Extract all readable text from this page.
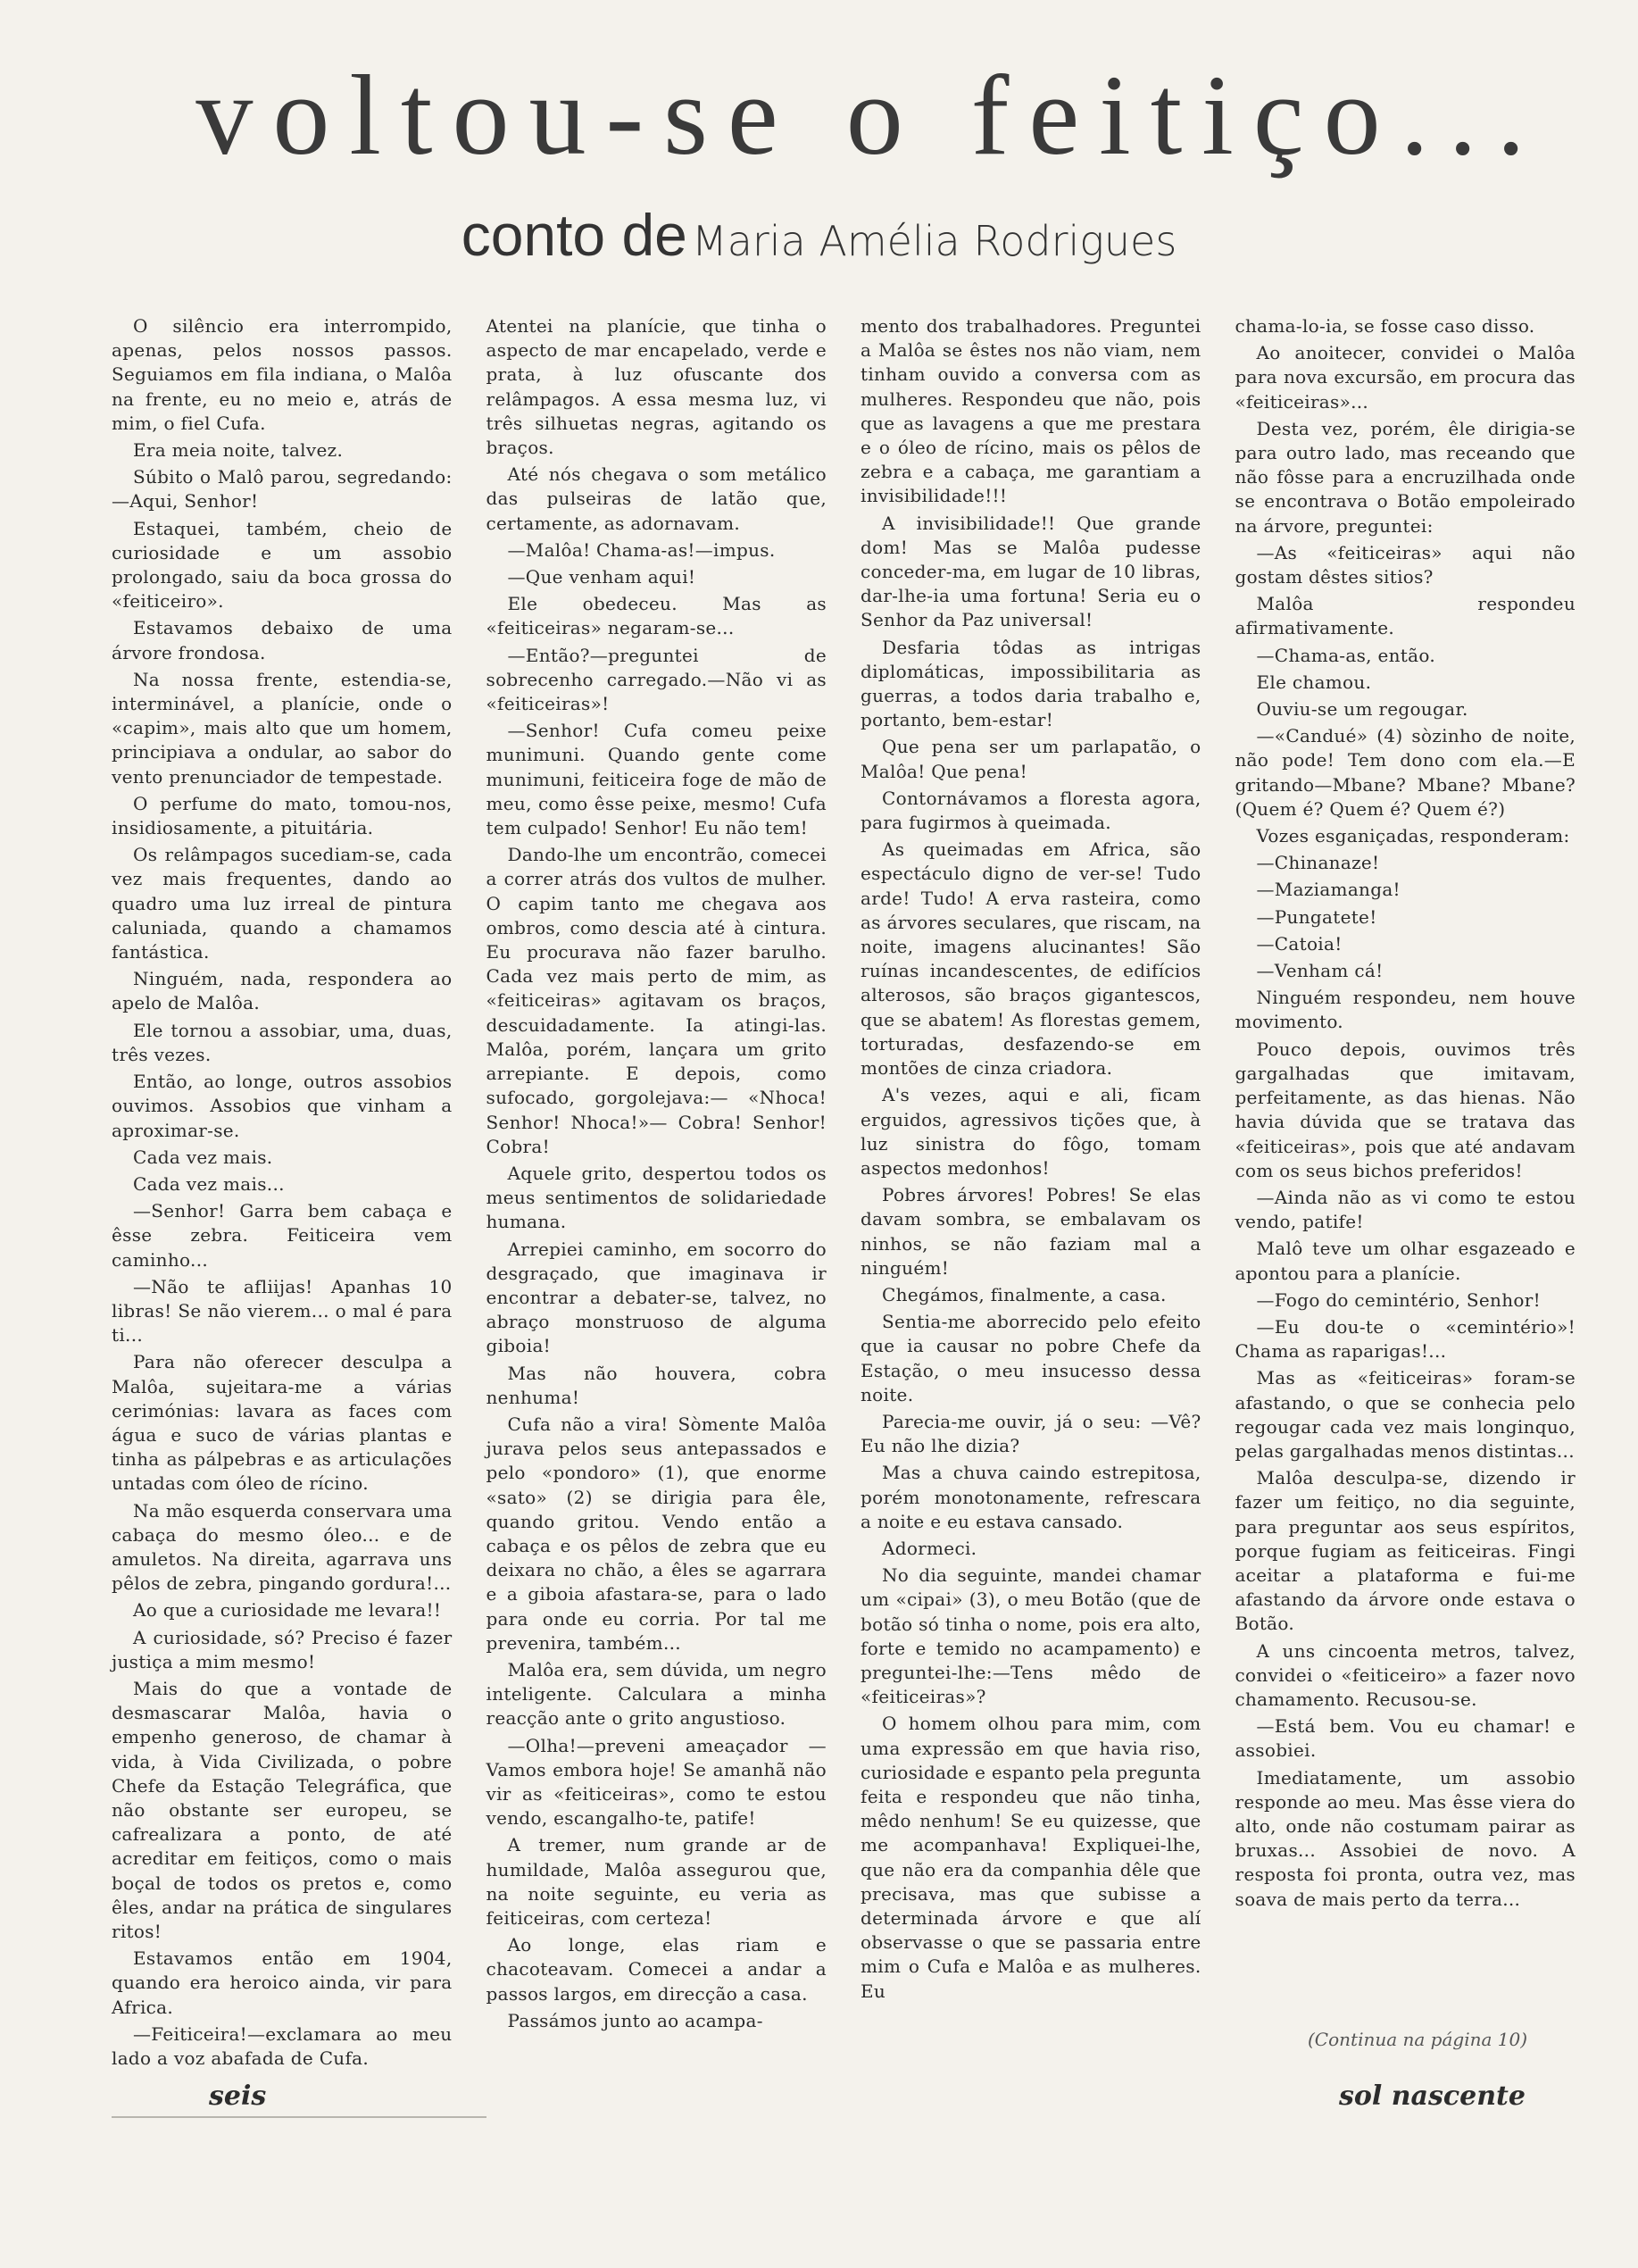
voltou-se o feitiço...
conto de Maria Amélia Rodrigues

O silêncio era interrompido, apenas, pelos nossos passos. Seguiamos em fila indiana, o Malôa na frente, eu no meio e, atrás de mim, o fiel Cufa.

Era meia noite, talvez.

Súbito o Malô parou, segredando:—Aqui, Senhor!

Estaquei, também, cheio de curiosidade e um assobio prolongado, saiu da boca grossa do «feiticeiro».

Estavamos debaixo de uma árvore frondosa.

Na nossa frente, estendia-se, interminável, a planície, onde o «capim», mais alto que um homem, principiava a ondular, ao sabor do vento prenunciador de tempestade.

O perfume do mato, tomou-nos, insidiosamente, a pituitária.

Os relâmpagos sucediam-se, cada vez mais frequentes, dando ao quadro uma luz irreal de pintura caluniada, quando a chamamos fantástica.

Ninguém, nada, respondera ao apelo de Malôa.

Ele tornou a assobiar, uma, duas, três vezes.

Então, ao longe, outros assobios ouvimos. Assobios que vinham a aproximar-se.

Cada vez mais.

Cada vez mais...

—Senhor! Garra bem cabaça e êsse zebra. Feiticeira vem caminho...

—Não te afliijas! Apanhas 10 libras! Se não vierem... o mal é para ti...

Para não oferecer desculpa a Malôa, sujeitara-me a várias cerimónias: lavara as faces com água e suco de várias plantas e tinha as pálpebras e as articulações untadas com óleo de rícino.

Na mão esquerda conservara uma cabaça do mesmo óleo... e de amuletos. Na direita, agarrava uns pêlos de zebra, pingando gordura!...

Ao que a curiosidade me levara!!

A curiosidade, só? Preciso é fazer justiça a mim mesmo!

Mais do que a vontade de desmascarar Malôa, havia o empenho generoso, de chamar à vida, à Vida Civilizada, o pobre Chefe da Estação Telegráfica, que não obstante ser europeu, se cafrealizara a ponto, de até acreditar em feitiços, como o mais boçal de todos os pretos e, como êles, andar na prática de singulares ritos!

Estavamos então em 1904, quando era heroico ainda, vir para Africa.

—Feiticeira!—exclamara ao meu lado a voz abafada de Cufa.

Atentei na planície, que tinha o aspecto de mar encapelado, verde e prata, à luz ofuscante dos relâmpagos. A essa mesma luz, vi três silhuetas negras, agitando os braços.

Até nós chegava o som metálico das pulseiras de latão que, certamente, as adornavam.

—Malôa! Chama-as!—impus.

—Que venham aqui!

Ele obedeceu. Mas as «feiticeiras» negaram-se...

—Então?—preguntei de sobrecenho carregado.—Não vi as «feiticeiras»!

—Senhor! Cufa comeu peixe munimuni. Quando gente come munimuni, feiticeira foge de mão de meu, como êsse peixe, mesmo! Cufa tem culpado! Senhor! Eu não tem!

Dando-lhe um encontrão, comecei a correr atrás dos vultos de mulher. O capim tanto me chegava aos ombros, como descia até à cintura. Eu procurava não fazer barulho. Cada vez mais perto de mim, as «feiticeiras» agitavam os braços, descuidadamente. Ia atingi-las. Malôa, porém, lançara um grito arrepiante. E depois, como sufocado, gorgolejava:— «Nhoca! Senhor! Nhoca!»— Cobra! Senhor! Cobra!

Aquele grito, despertou todos os meus sentimentos de solidariedade humana.

Arrepiei caminho, em socorro do desgraçado, que imaginava ir encontrar a debater-se, talvez, no abraço monstruoso de alguma giboia!

Mas não houvera, cobra nenhuma!

Cufa não a vira! Sòmente Malôa jurava pelos seus antepassados e pelo «pondoro» (1), que enorme «sato» (2) se dirigia para êle, quando gritou. Vendo então a cabaça e os pêlos de zebra que eu deixara no chão, a êles se agarrara e a giboia afastara-se, para o lado para onde eu corria. Por tal me prevenira, também...

Malôa era, sem dúvida, um negro inteligente. Calculara a minha reacção ante o grito angustioso.

—Olha!—preveni ameaçador —Vamos embora hoje! Se amanhã não vir as «feiticeiras», como te estou vendo, escangalho-te, patife!

A tremer, num grande ar de humildade, Malôa assegurou que, na noite seguinte, eu veria as feiticeiras, com certeza!

Ao longe, elas riam e chacoteavam. Comecei a andar a passos largos, em direcção a casa.

Passámos junto ao acampa-

mento dos trabalhadores. Preguntei a Malôa se êstes nos não viam, nem tinham ouvido a conversa com as mulheres. Respondeu que não, pois que as lavagens a que me prestara e o óleo de rícino, mais os pêlos de zebra e a cabaça, me garantiam a invisibilidade!!!

A invisibilidade!! Que grande dom! Mas se Malôa pudesse conceder-ma, em lugar de 10 libras, dar-lhe-ia uma fortuna! Seria eu o Senhor da Paz universal!

Desfaria tôdas as intrigas diplomáticas, impossibilitaria as guerras, a todos daria trabalho e, portanto, bem-estar!

Que pena ser um parlapatão, o Malôa! Que pena!

Contornávamos a floresta agora, para fugirmos à queimada.

As queimadas em Africa, são espectáculo digno de ver-se! Tudo arde! Tudo! A erva rasteira, como as árvores seculares, que riscam, na noite, imagens alucinantes! São ruínas incandescentes, de edifícios alterosos, são braços gigantescos, que se abatem! As florestas gemem, torturadas, desfazendo-se em montões de cinza criadora.

A's vezes, aqui e ali, ficam erguidos, agressivos tições que, à luz sinistra do fôgo, tomam aspectos medonhos!

Pobres árvores! Pobres! Se elas davam sombra, se embalavam os ninhos, se não faziam mal a ninguém!

Chegámos, finalmente, a casa.

Sentia-me aborrecido pelo efeito que ia causar no pobre Chefe da Estação, o meu insucesso dessa noite.

Parecia-me ouvir, já o seu: —Vê? Eu não lhe dizia?

Mas a chuva caindo estrepitosa, porém monotonamente, refrescara a noite e eu estava cansado.

Adormeci.

No dia seguinte, mandei chamar um «cipai» (3), o meu Botão (que de botão só tinha o nome, pois era alto, forte e temido no acampamento) e preguntei-lhe:—Tens mêdo de «feiticeiras»?

O homem olhou para mim, com uma expressão em que havia riso, curiosidade e espanto pela pregunta feita e respondeu que não tinha, mêdo nenhum! Se eu quizesse, que me acompanhava! Expliquei-lhe, que não era da companhia dêle que precisava, mas que subisse a determinada árvore e que alí observasse o que se passaria entre mim o Cufa e Malôa e as mulheres. Eu

chama-lo-ia, se fosse caso disso.

Ao anoitecer, convidei o Malôa para nova excursão, em procura das «feiticeiras»...

Desta vez, porém, êle dirigia-se para outro lado, mas receando que não fôsse para a encruzilhada onde se encontrava o Botão empoleirado na árvore, preguntei:

—As «feiticeiras» aqui não gostam dêstes sitios?

Malôa respondeu afirmativamente.

—Chama-as, então.

Ele chamou.

Ouviu-se um regougar.

—«Candué» (4) sòzinho de noite, não pode! Tem dono com ela.—E gritando—Mbane? Mbane? Mbane? (Quem é? Quem é? Quem é?)

Vozes esganiçadas, responderam:

—Chinanaze!

—Maziamanga!

—Pungatete!

—Catoia!

—Venham cá!

Ninguém respondeu, nem houve movimento.

Pouco depois, ouvimos três gargalhadas que imitavam, perfeitamente, as das hienas. Não havia dúvida que se tratava das «feiticeiras», pois que até andavam com os seus bichos preferidos!

—Ainda não as vi como te estou vendo, patife!

Malô teve um olhar esgazeado e apontou para a planície.

—Fogo do cemintério, Senhor!

—Eu dou-te o «cemintério»! Chama as raparigas!...

Mas as «feiticeiras» foram-se afastando, o que se conhecia pelo regougar cada vez mais longinquo, pelas gargalhadas menos distintas...

Malôa desculpa-se, dizendo ir fazer um feitiço, no dia seguinte, para preguntar aos seus espíritos, porque fugiam as feiticeiras. Fingi aceitar a plataforma e fui-me afastando da árvore onde estava o Botão.

A uns cincoenta metros, talvez, convidei o «feiticeiro» a fazer novo chamamento. Recusou-se.

—Está bem. Vou eu chamar! e assobiei.

Imediatamente, um assobio responde ao meu. Mas êsse viera do alto, onde não costumam pairar as bruxas... Assobiei de novo. A resposta foi pronta, outra vez, mas soava de mais perto da terra...

(Continua na página 10)
seis	sol nascente
